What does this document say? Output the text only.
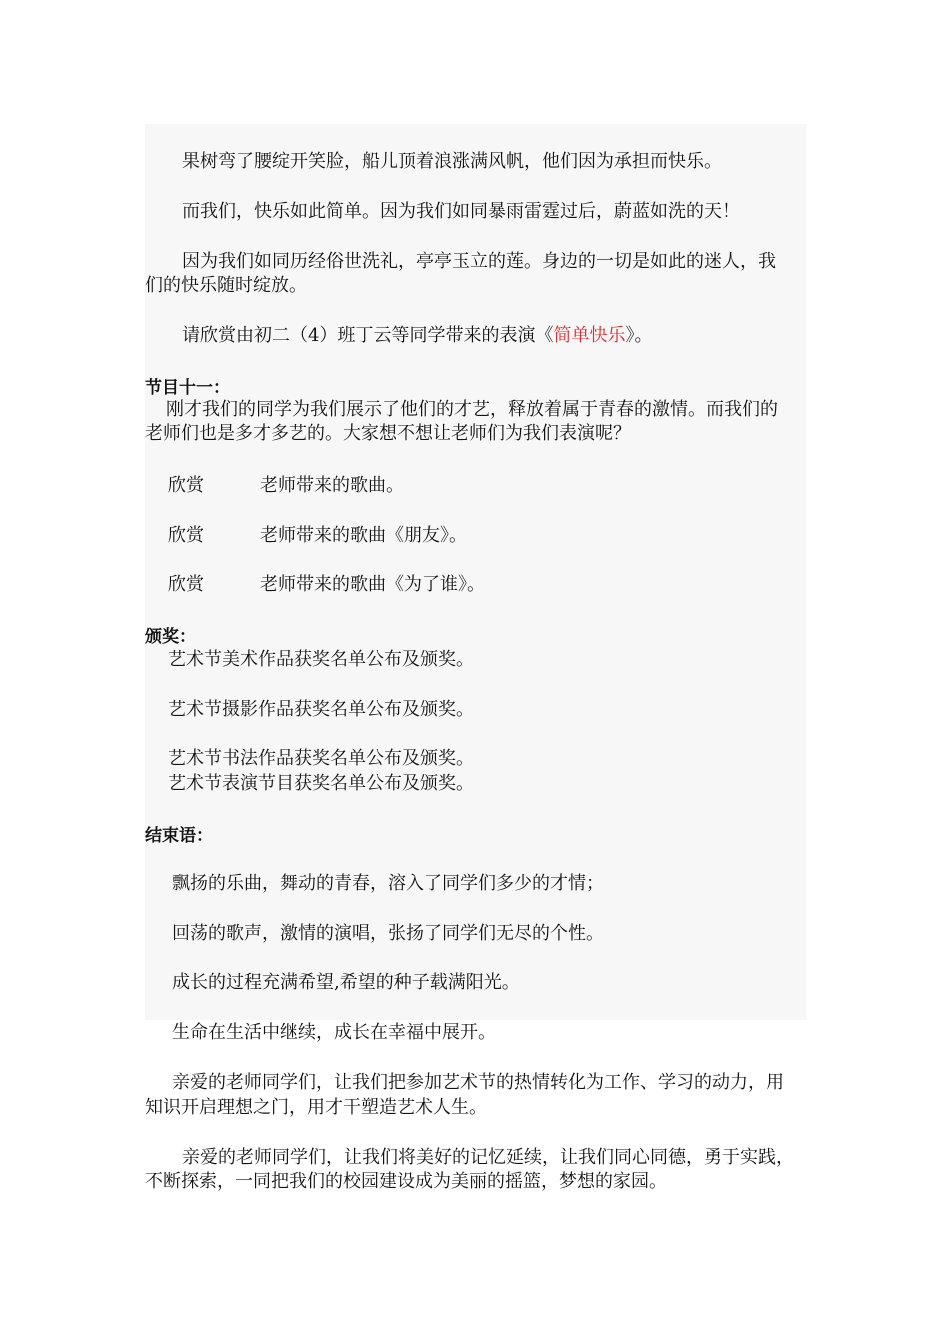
果树弯了腰绽开笑脸，船儿顶着浪涨满风帆，他们因为承担而快乐。
而我们，快乐如此简单。因为我们如同暴雨雷霆过后，蔚蓝如洗的天！
因为我们如同历经俗世洗礼，亭亭玉立的莲。身边的一切是如此的迷人，我
们的快乐随时绽放。
请欣赏由初二（4）班丁云等同学带来的表演《简单快乐》。
节目十一：
刚才我们的同学为我们展示了他们的才艺，释放着属于青春的激情。而我们的
老师们也是多才多艺的。大家想不想让老师们为我们表演呢？
欣赏	老师带来的歌曲。
欣赏	老师带来的歌曲《朋友》。
欣赏	老师带来的歌曲《为了谁》。
颁奖：
艺术节美术作品获奖名单公布及颁奖。
艺术节摄影作品获奖名单公布及颁奖。
艺术节书法作品获奖名单公布及颁奖。
艺术节表演节目获奖名单公布及颁奖。
结束语：
飘扬的乐曲，舞动的青春，溶入了同学们多少的才情；
回荡的歌声，激情的演唱，张扬了同学们无尽的个性。
成长的过程充满希望,希望的种子载满阳光。
生命在生活中继续，成长在幸福中展开。
亲爱的老师同学们，让我们把参加艺术节的热情转化为工作、学习的动力，用
知识开启理想之门，用才干塑造艺术人生。
亲爱的老师同学们，让我们将美好的记忆延续，让我们同心同德，勇于实践，
不断探索，一同把我们的校园建设成为美丽的摇篮，梦想的家园。
